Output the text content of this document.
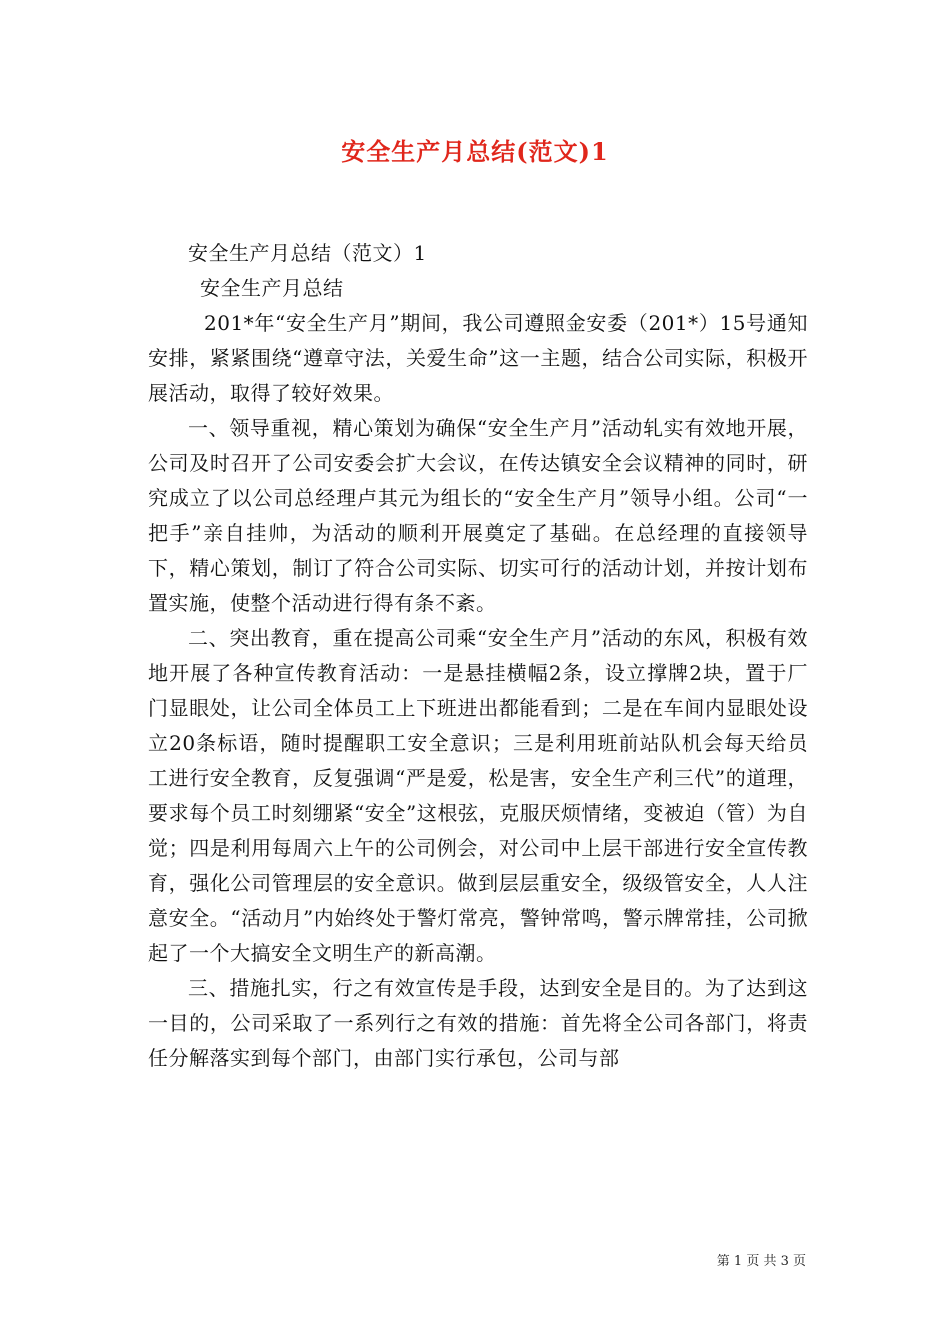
安全生产月总结(范文)1

安全生产月总结（范文）1

安全生产月总结

201*年“安全生产月”期间，我公司遵照金安委（201*）15号通知安排，紧紧围绕“遵章守法，关爱生命”这一主题，结合公司实际，积极开展活动，取得了较好效果。

一、领导重视，精心策划为确保“安全生产月”活动轧实有效地开展，公司及时召开了公司安委会扩大会议，在传达镇安全会议精神的同时，研究成立了以公司总经理卢其元为组长的“安全生产月”领导小组。公司“一把手”亲自挂帅，为活动的顺利开展奠定了基础。在总经理的直接领导下，精心策划，制订了符合公司实际、切实可行的活动计划，并按计划布置实施，使整个活动进行得有条不紊。

二、突出教育，重在提高公司乘“安全生产月”活动的东风，积极有效地开展了各种宣传教育活动：一是悬挂横幅2条，设立撑牌2块，置于厂门显眼处，让公司全体员工上下班进出都能看到；二是在车间内显眼处设立20条标语，随时提醒职工安全意识；三是利用班前站队机会每天给员工进行安全教育，反复强调“严是爱，松是害，安全生产利三代”的道理，要求每个员工时刻绷紧“安全”这根弦，克服厌烦情绪，变被迫（管）为自觉；四是利用每周六上午的公司例会，对公司中上层干部进行安全宣传教育，强化公司管理层的安全意识。做到层层重安全，级级管安全，人人注意安全。“活动月”内始终处于警灯常亮，警钟常鸣，警示牌常挂，公司掀起了一个大搞安全文明生产的新高潮。

三、措施扎实，行之有效宣传是手段，达到安全是目的。为了达到这一目的，公司采取了一系列行之有效的措施：首先将全公司各部门，将责任分解落实到每个部门，由部门实行承包，公司与部

第 1 页 共 3 页
